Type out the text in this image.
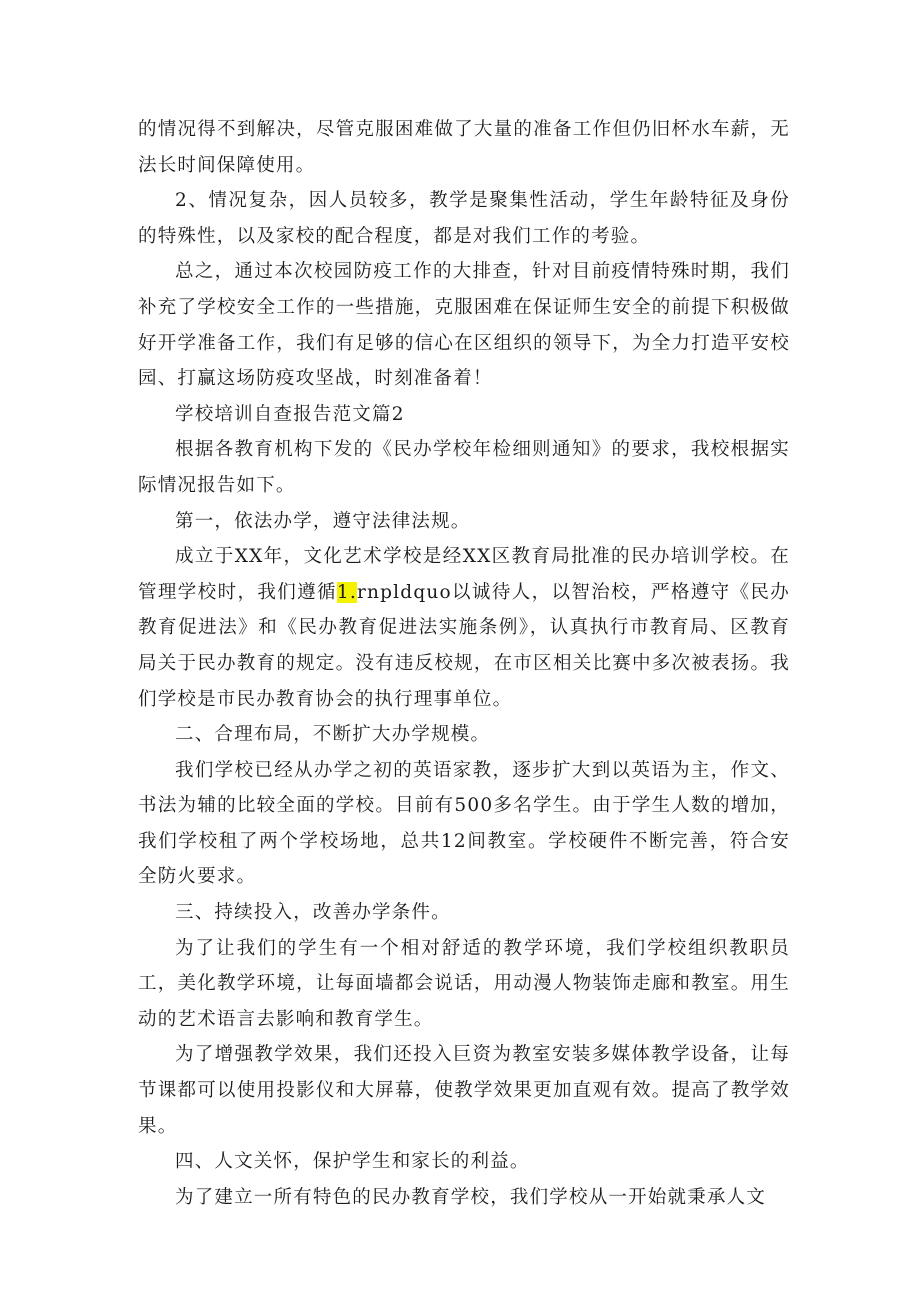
的情况得不到解决，尽管克服困难做了大量的准备工作但仍旧杯水车薪，无法长时间保障使用。

2、情况复杂，因人员较多，教学是聚集性活动，学生年龄特征及身份的特殊性，以及家校的配合程度，都是对我们工作的考验。

总之，通过本次校园防疫工作的大排查，针对目前疫情特殊时期，我们补充了学校安全工作的一些措施，克服困难在保证师生安全的前提下积极做好开学准备工作，我们有足够的信心在区组织的领导下，为全力打造平安校园、打赢这场防疫攻坚战，时刻准备着！

学校培训自查报告范文篇2

根据各教育机构下发的《民办学校年检细则通知》的要求，我校根据实际情况报告如下。

第一，依法办学，遵守法律法规。

成立于XX年，文化艺术学校是经XX区教育局批准的民办培训学校。在管理学校时，我们遵循1.rnpldquo以诚待人，以智治校，严格遵守《民办教育促进法》和《民办教育促进法实施条例》，认真执行市教育局、区教育局关于民办教育的规定。没有违反校规，在市区相关比赛中多次被表扬。我们学校是市民办教育协会的执行理事单位。

二、合理布局，不断扩大办学规模。

我们学校已经从办学之初的英语家教，逐步扩大到以英语为主，作文、书法为辅的比较全面的学校。目前有500多名学生。由于学生人数的增加，我们学校租了两个学校场地，总共12间教室。学校硬件不断完善，符合安全防火要求。

三、持续投入，改善办学条件。

为了让我们的学生有一个相对舒适的教学环境，我们学校组织教职员工，美化教学环境，让每面墙都会说话，用动漫人物装饰走廊和教室。用生动的艺术语言去影响和教育学生。

为了增强教学效果，我们还投入巨资为教室安装多媒体教学设备，让每节课都可以使用投影仪和大屏幕，使教学效果更加直观有效。提高了教学效果。

四、人文关怀，保护学生和家长的利益。

为了建立一所有特色的民办教育学校，我们学校从一开始就秉承人文
